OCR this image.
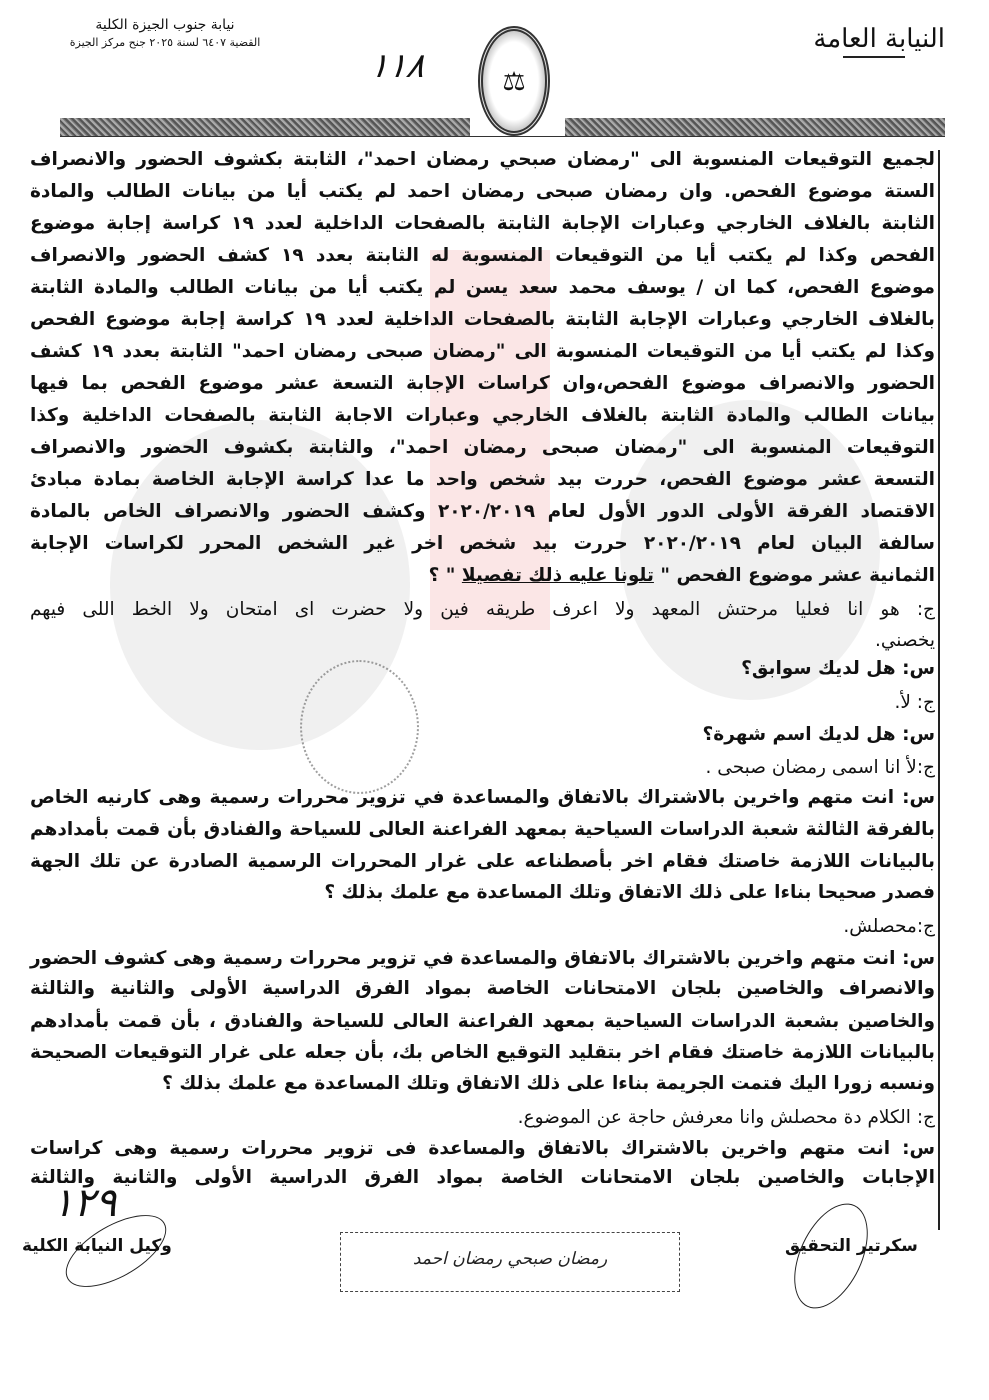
النيابة العامة
نيابة جنوب الجيزة الكلية
القضية ٦٤٠٧ لسنة ٢٠٢٥ جنح مركز الجيزة
١١٨	⚖
لجميع التوقيعات المنسوبة الى "رمضان صبحي رمضان احمد"، الثابتة بكشوف الحضور والانصراف
الستة موضوع الفحص. وان رمضان صبحى رمضان احمد لم يكتب أيا من بيانات الطالب والمادة
الثابتة بالغلاف الخارجي وعبارات الإجابة الثابتة بالصفحات الداخلية لعدد ١٩ كراسة إجابة موضوع
الفحص وكذا لم يكتب أيا من التوقيعات المنسوبة له الثابتة بعدد ١٩ كشف الحضور والانصراف
موضوع الفحص، كما ان / يوسف محمد سعد يسن لم يكتب أيا من بيانات الطالب والمادة الثابتة
بالغلاف الخارجي وعبارات الإجابة الثابتة بالصفحات الداخلية لعدد ١٩ كراسة إجابة موضوع الفحص
وكذا لم يكتب أيا من التوقيعات المنسوبة الى "رمضان صبحى رمضان احمد" الثابتة بعدد ١٩ كشف
الحضور والانصراف موضوع الفحص،وان كراسات الإجابة التسعة عشر موضوع الفحص بما فيها
بيانات الطالب والمادة الثابتة بالغلاف الخارجي وعبارات الاجابة الثابتة بالصفحات الداخلية وكذا
التوقيعات المنسوبة الى "رمضان صبحى رمضان احمد"، والثابتة بكشوف الحضور والانصراف
التسعة عشر موضوع الفحص، حررت بيد شخص واحد ما عدا كراسة الإجابة الخاصة بمادة مبادئ
الاقتصاد الفرقة الأولى الدور الأول لعام ٢٠٢٠/٢٠١٩ وكشف الحضور والانصراف الخاص بالمادة
سالفة البيان لعام ٢٠٢٠/٢٠١٩ حررت بيد شخص اخر غير الشخص المحرر لكراسات الإجابة
الثمانية عشر موضوع الفحص " تلونا عليه ذلك تفصيلا " ؟
ج: هو انا فعليا مرحتش المعهد ولا اعرف طريقه فين ولا حضرت اى امتحان ولا الخط اللى فيهم
يخصني.
س: هل لديك سوابق؟
ج: لأ.
س: هل لديك اسم شهرة؟
ج:لأ انا اسمى رمضان صبحى .
س: انت متهم واخرين بالاشتراك بالاتفاق والمساعدة في تزوير محررات رسمية وهى كارنيه الخاص
بالفرقة الثالثة شعبة الدراسات السياحية بمعهد الفراعنة العالى للسياحة والفنادق بأن قمت بأمدادهم
بالبيانات اللازمة خاصتك فقام اخر بأصطناعه على غرار المحررات الرسمية الصادرة عن تلك الجهة
فصدر صحيحا بناءا على ذلك الاتفاق وتلك المساعدة مع علمك بذلك ؟
ج:محصلش.
س: انت متهم واخرين بالاشتراك بالاتفاق والمساعدة في تزوير محررات رسمية وهى كشوف الحضور
والانصراف والخاصين بلجان الامتحانات الخاصة بمواد الفرق الدراسية الأولى والثانية والثالثة
والخاصين بشعبة الدراسات السياحية بمعهد الفراعنة العالى للسياحة والفنادق ، بأن قمت بأمدادهم
بالبيانات اللازمة خاصتك فقام اخر بتقليد التوقيع الخاص بك، بأن جعله على غرار التوقيعات الصحيحة
ونسبه زورا اليك فتمت الجريمة بناءا على ذلك الاتفاق وتلك المساعدة مع علمك بذلك ؟
ج: الكلام دة محصلش وانا معرفش حاجة عن الموضوع.
س: انت متهم واخرين بالاشتراك بالاتفاق والمساعدة فى تزوير محررات رسمية وهى كراسات
الإجابات والخاصين بلجان الامتحانات الخاصة بمواد الفرق الدراسية الأولى والثانية والثالثة
١٢٩
وكيل النيابة الكلية
رمضان صبحي رمضان احمد
سكرتير التحقيق
